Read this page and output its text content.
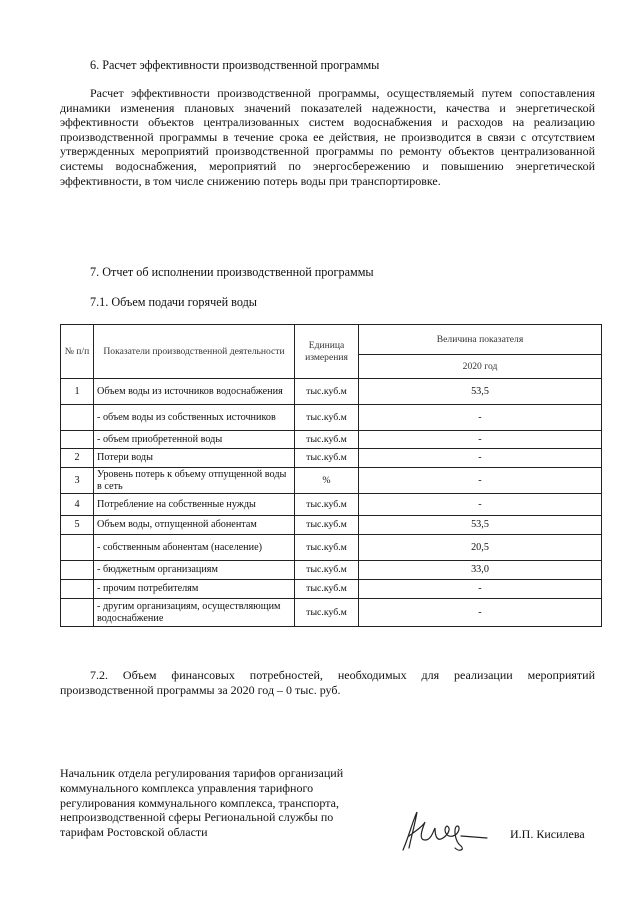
6. Расчет эффективности производственной программы

Расчет эффективности производственной программы, осуществляемый путем сопоставления динамики изменения плановых значений показателей надежности, качества и энергетической эффективности объектов централизованных систем водоснабжения и расходов на реализацию производственной программы в течение срока ее действия, не производится в связи с отсутствием утвержденных мероприятий производственной программы по ремонту объектов централизованной системы водоснабжения, мероприятий по энергосбережению и повышению энергетической эффективности, в том числе снижению потерь воды при транспортировке.

7. Отчет об исполнении производственной программы
7.1. Объем подачи горячей воды
№ п/п	Показатели производственной деятельности	Единица измерения	Величина показателя
			2020 год
1	Объем воды из источников водоснабжения	тыс.куб.м	53,5
	- объем воды из собственных источников	тыс.куб.м	-
	- объем приобретенной воды	тыс.куб.м	-
2	Потери воды	тыс.куб.м	-
3	Уровень потерь к объему отпущенной воды в сеть	%	-
4	Потребление на собственные нужды	тыс.куб.м	-
5	Объем воды, отпущенной абонентам	тыс.куб.м	53,5
	- собственным абонентам (население)	тыс.куб.м	20,5
	- бюджетным организациям	тыс.куб.м	33,0
	- прочим потребителям	тыс.куб.м	-
	- другим организациям, осуществляющим водоснабжение	тыс.куб.м	-

7.2. Объем финансовых потребностей, необходимых для реализации мероприятий производственной программы за 2020 год – 0 тыс. руб.

Начальник отдела регулирования тарифов организаций коммунального комплекса управления тарифного регулирования коммунального комплекса, транспорта, непроизводственной сферы Региональной службы по тарифам Ростовской области	И.П. Кисилева
